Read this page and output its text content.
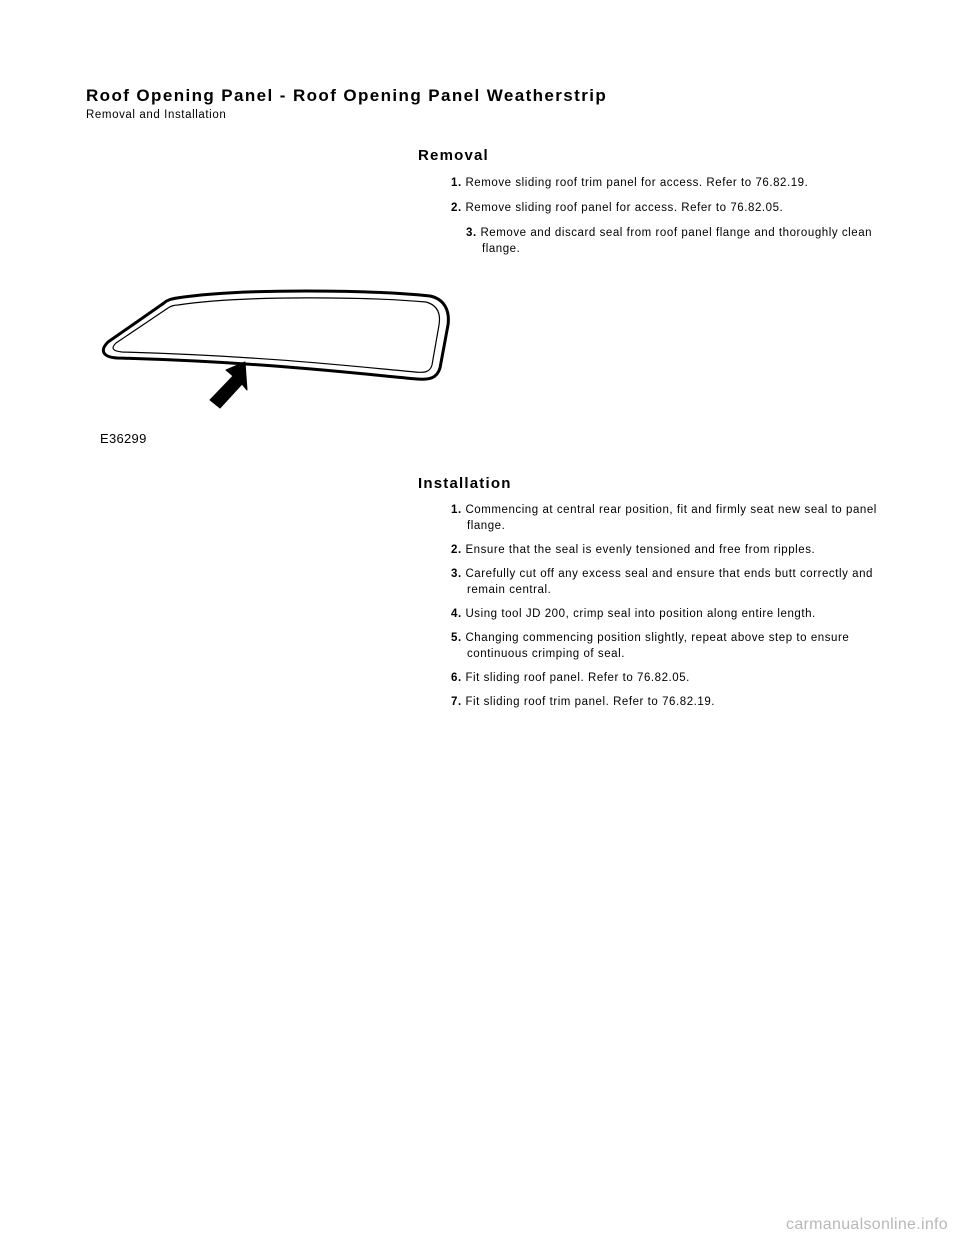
Roof Opening Panel - Roof Opening Panel Weatherstrip
Removal and Installation
Removal
1. Remove sliding roof trim panel for access. Refer to 76.82.19.
2. Remove sliding roof panel for access. Refer to 76.82.05.
3. Remove and discard seal from roof panel flange and thoroughly clean flange.
E36299
Installation
1. Commencing at central rear position, fit and firmly seat new seal to panel flange.
2. Ensure that the seal is evenly tensioned and free from ripples.
3. Carefully cut off any excess seal and ensure that ends butt correctly and remain central.
4. Using tool JD 200, crimp seal into position along entire length.
5. Changing commencing position slightly, repeat above step to ensure continuous crimping of seal.
6. Fit sliding roof panel. Refer to 76.82.05.
7. Fit sliding roof trim panel. Refer to 76.82.19.
carmanualsonline.info
